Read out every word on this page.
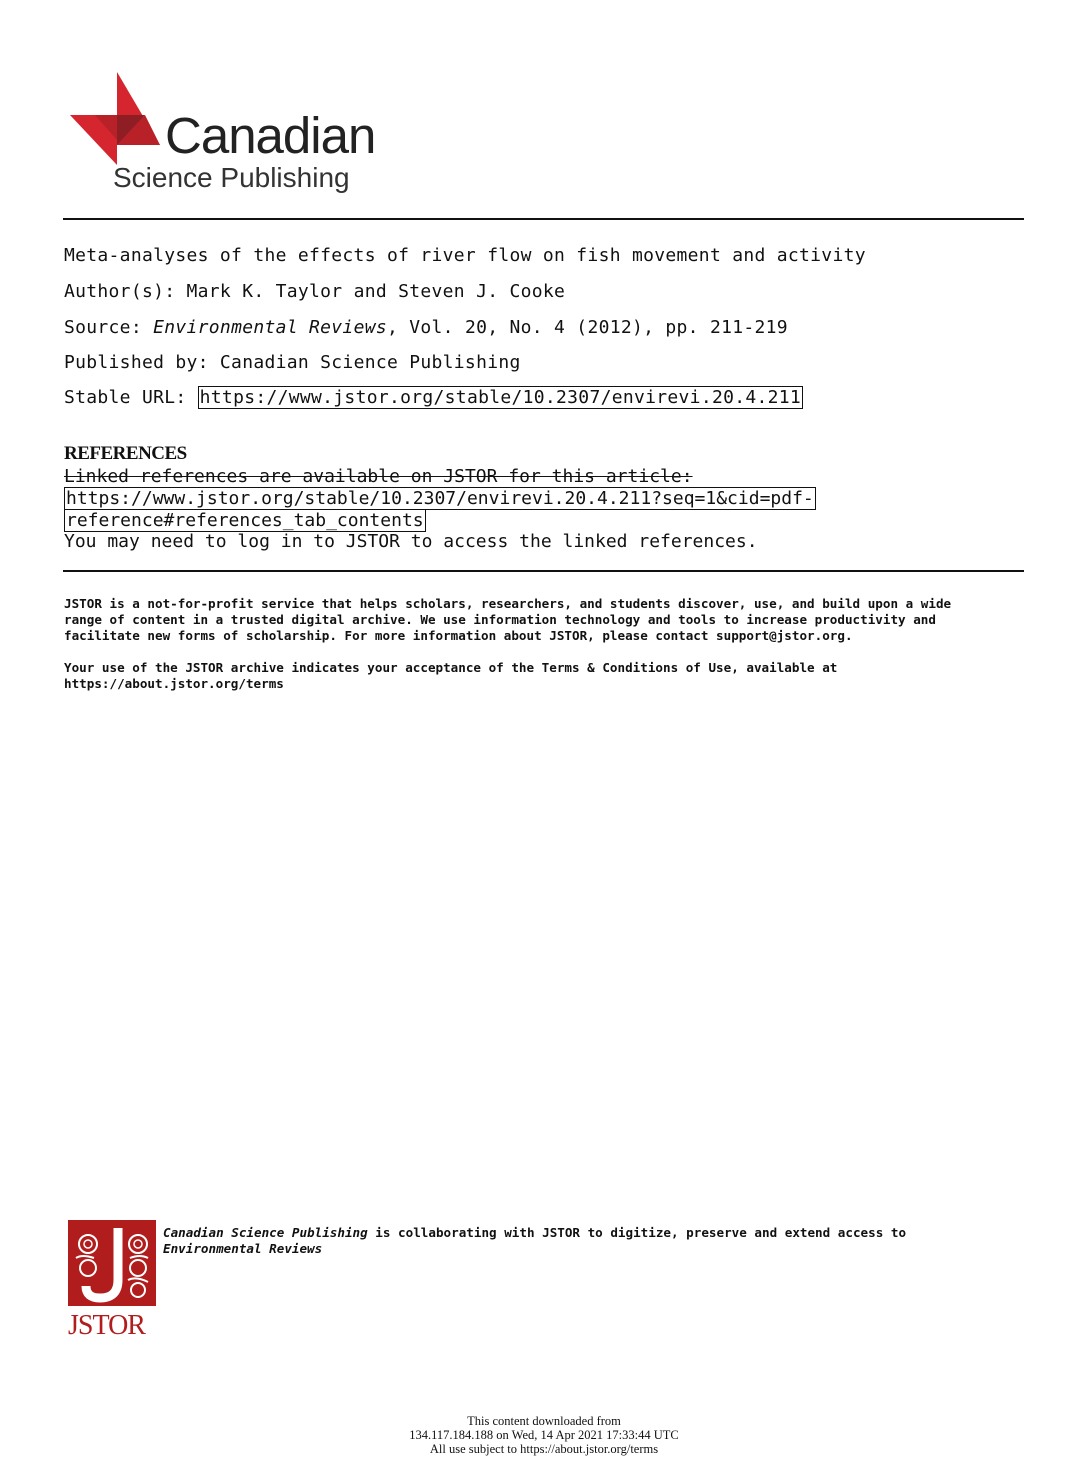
Canadian
Science Publishing
Meta-analyses of the effects of river flow on fish movement and activity
Author(s): Mark K. Taylor and Steven J. Cooke
Source: Environmental Reviews, Vol. 20, No. 4 (2012), pp. 211-219
Published by: Canadian Science Publishing
Stable URL: https://www.jstor.org/stable/10.2307/envirevi.20.4.211
REFERENCES
Linked references are available on JSTOR for this article:
https://www.jstor.org/stable/10.2307/envirevi.20.4.211?seq=1&cid=pdf-
reference#references_tab_contents
You may need to log in to JSTOR to access the linked references.
JSTOR is a not-for-profit service that helps scholars, researchers, and students discover, use, and build upon a wide
range of content in a trusted digital archive. We use information technology and tools to increase productivity and
facilitate new forms of scholarship. For more information about JSTOR, please contact support@jstor.org.
Your use of the JSTOR archive indicates your acceptance of the Terms & Conditions of Use, available at
https://about.jstor.org/terms
JSTOR
Canadian Science Publishing is collaborating with JSTOR to digitize, preserve and extend access to
Environmental Reviews
This content downloaded from
134.117.184.188 on Wed, 14 Apr 2021 17:33:44 UTC
All use subject to https://about.jstor.org/terms
